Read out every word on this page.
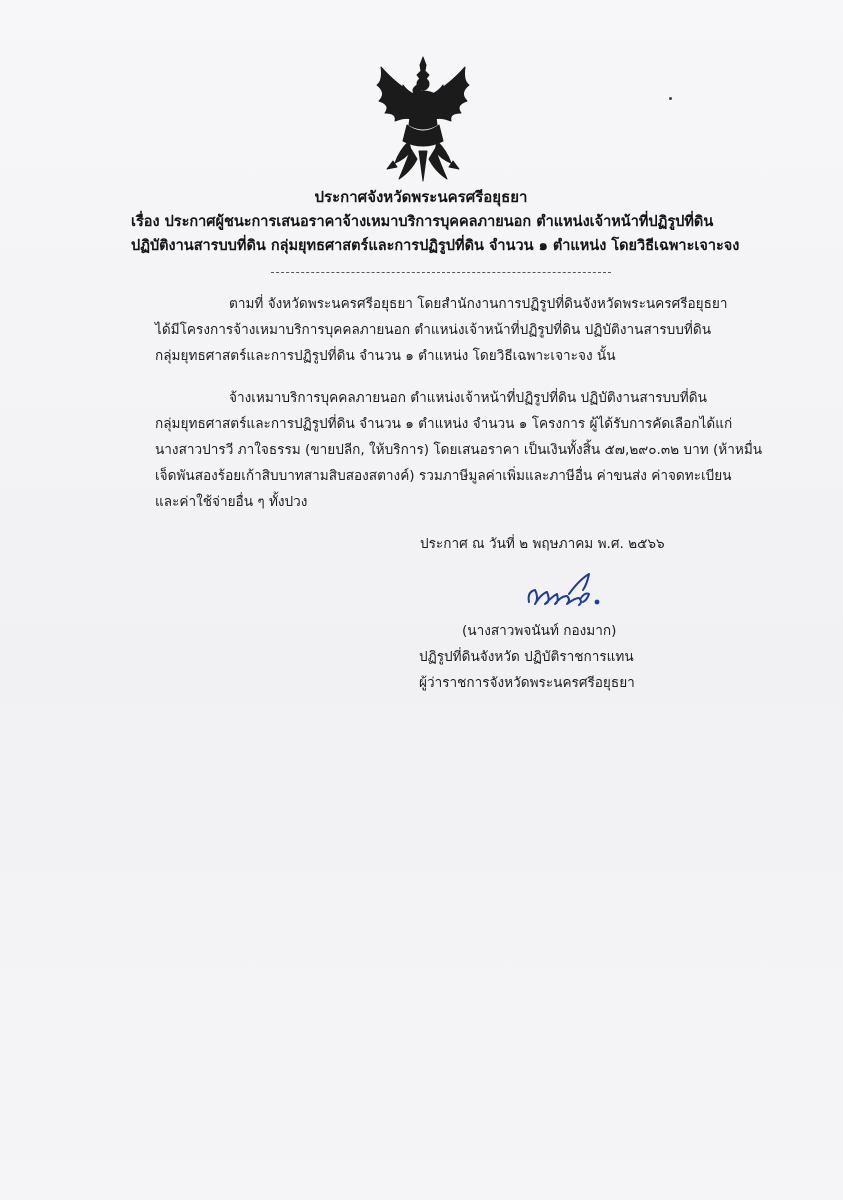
ประกาศจังหวัดพระนครศรีอยุธยา
เรื่อง ประกาศผู้ชนะการเสนอราคาจ้างเหมาบริการบุคคลภายนอก ตำแหน่งเจ้าหน้าที่ปฏิรูปที่ดิน
ปฏิบัติงานสารบบที่ดิน กลุ่มยุทธศาสตร์และการปฏิรูปที่ดิน จำนวน ๑ ตำแหน่ง โดยวิธีเฉพาะเจาะจง
ตามที่ จังหวัดพระนครศรีอยุธยา โดยสำนักงานการปฏิรูปที่ดินจังหวัดพระนครศรีอยุธยา
ได้มีโครงการจ้างเหมาบริการบุคคลภายนอก ตำแหน่งเจ้าหน้าที่ปฏิรูปที่ดิน ปฏิบัติงานสารบบที่ดิน
กลุ่มยุทธศาสตร์และการปฏิรูปที่ดิน จำนวน ๑ ตำแหน่ง โดยวิธีเฉพาะเจาะจง นั้น
จ้างเหมาบริการบุคคลภายนอก ตำแหน่งเจ้าหน้าที่ปฏิรูปที่ดิน ปฏิบัติงานสารบบที่ดิน
กลุ่มยุทธศาสตร์และการปฏิรูปที่ดิน จำนวน ๑ ตำแหน่ง จำนวน ๑ โครงการ ผู้ได้รับการคัดเลือกได้แก่
นางสาวปารวี ภาใจธรรม (ขายปลีก, ให้บริการ) โดยเสนอราคา เป็นเงินทั้งสิ้น ๕๗,๒๙๐.๓๒ บาท (ห้าหมื่น
เจ็ดพันสองร้อยเก้าสิบบาทสามสิบสองสตางค์) รวมภาษีมูลค่าเพิ่มและภาษีอื่น ค่าขนส่ง ค่าจดทะเบียน
และค่าใช้จ่ายอื่น ๆ ทั้งปวง
ประกาศ ณ วันที่ ๒ พฤษภาคม พ.ศ. ๒๕๖๖
(นางสาวพจนันท์ กองมาก)
ปฏิรูปที่ดินจังหวัด ปฏิบัติราชการแทน
ผู้ว่าราชการจังหวัดพระนครศรีอยุธยา
